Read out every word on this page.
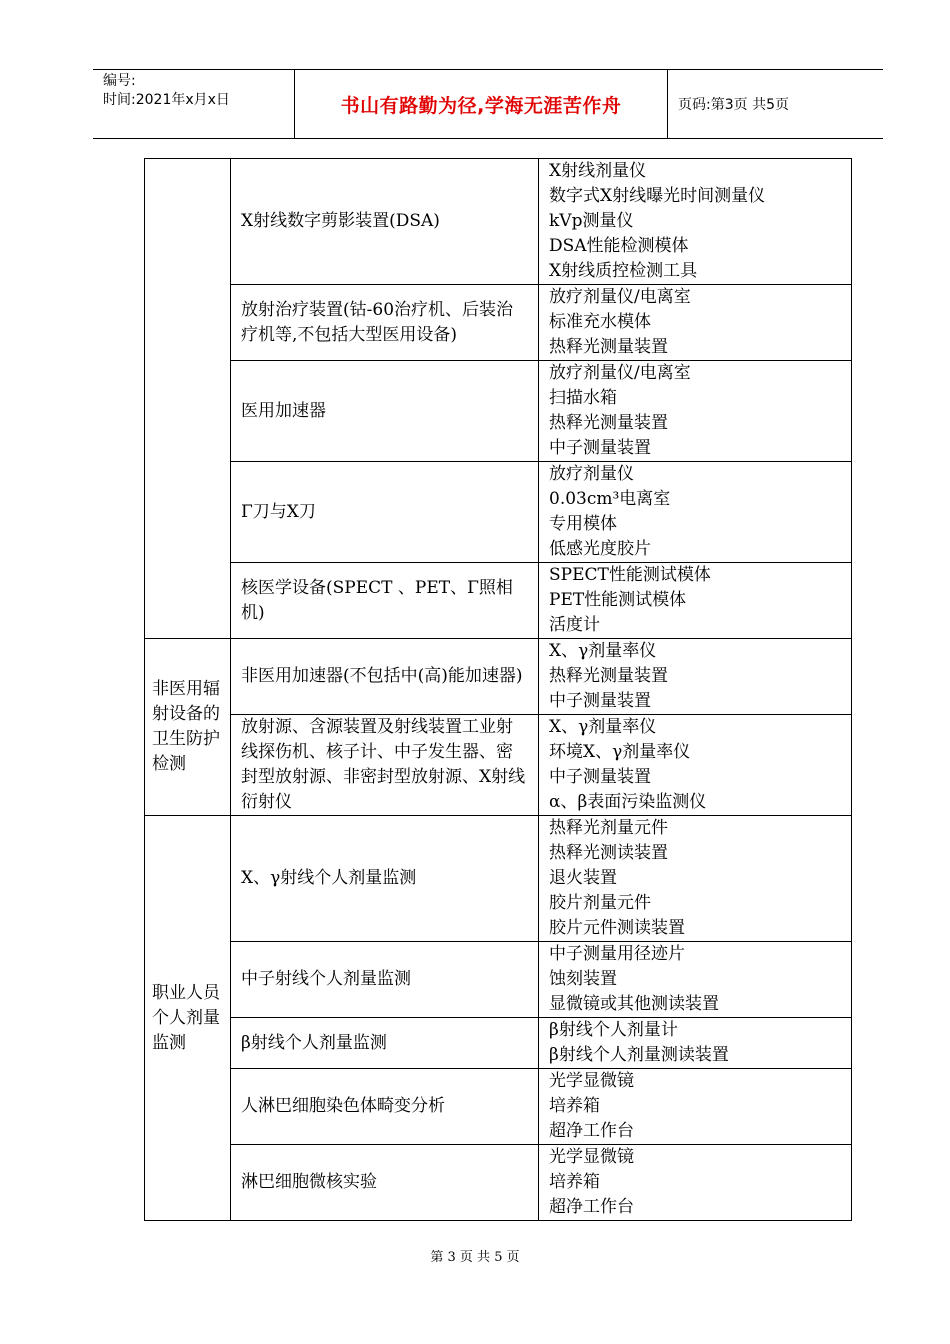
编号:
时间:2021年x月x日	书山有路勤为径,学海无涯苦作舟	页码:第3页 共5页
	X射线数字剪影装置(DSA)	X射线剂量仪
数字式X射线曝光时间测量仪
kVp测量仪
DSA性能检测模体
X射线质控检测工具

	放射治疗装置(钴-60治疗机、后装治疗机等,不包括大型医用设备)	放疗剂量仪/电离室
标准充水模体
热释光测量装置

	医用加速器	放疗剂量仪/电离室
扫描水箱
热释光测量装置
中子测量装置

	Γ刀与X刀	放疗剂量仪
0.03cm³电离室
专用模体
低感光度胶片

	核医学设备(SPECT 、PET、Γ照相机)	SPECT性能测试模体
PET性能测试模体
活度计

非医用辐射设备的卫生防护检测	非医用加速器(不包括中(高)能加速器)	X、γ剂量率仪
热释光测量装置
中子测量装置

	放射源、含源装置及射线装置工业射线探伤机、核子计、中子发生器、密封型放射源、非密封型放射源、X射线衍射仪	X、γ剂量率仪
环境X、γ剂量率仪
中子测量装置
α、β表面污染监测仪

职业人员个人剂量监测	X、γ射线个人剂量监测	热释光剂量元件
热释光测读装置
退火装置
胶片剂量元件
胶片元件测读装置

	中子射线个人剂量监测	中子测量用径迹片
蚀刻装置
显微镜或其他测读装置

	β射线个人剂量监测	β射线个人剂量计
β射线个人剂量测读装置

	人淋巴细胞染色体畸变分析	光学显微镜
培养箱
超净工作台

	淋巴细胞微核实验	光学显微镜
培养箱
超净工作台
第 3 页 共 5 页
